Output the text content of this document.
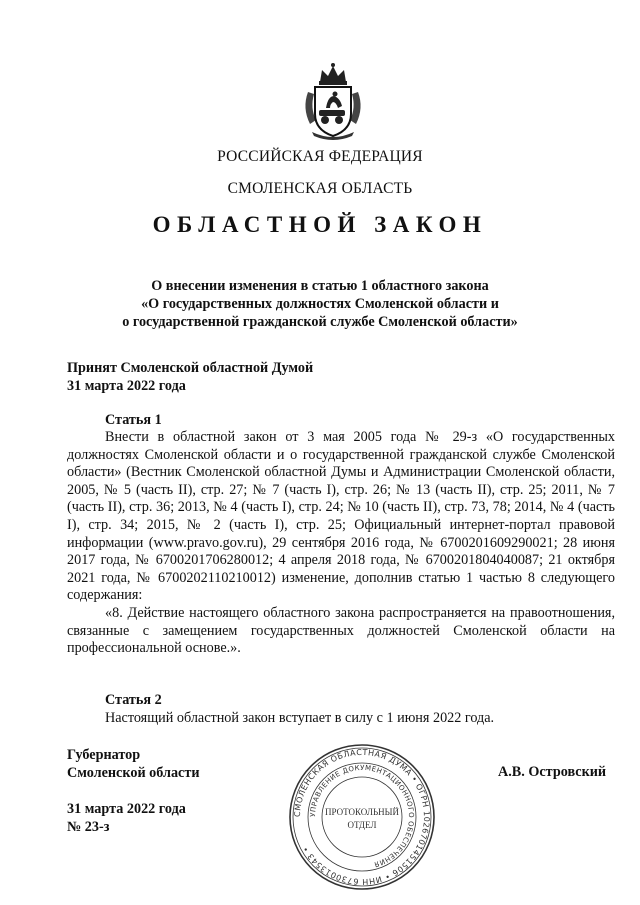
РОССИЙСКАЯ ФЕДЕРАЦИЯ
СМОЛЕНСКАЯ ОБЛАСТЬ
ОБЛАСТНОЙ ЗАКОН
О внесении изменения в статью 1 областного закона
«О государственных должностях Смоленской области и
о государственной гражданской службе Смоленской области»
Принят Смоленской областной Думой
31 марта 2022 года
Статья 1

Внести в областной закон от 3 мая 2005 года № 29-з «О государственных должностях Смоленской области и о государственной гражданской службе Смоленской области» (Вестник Смоленской областной Думы и Администрации Смоленской области, 2005, № 5 (часть II), стр. 27; № 7 (часть I), стр. 26; № 13 (часть II), стр. 25; 2011, № 7 (часть II), стр. 36; 2013, № 4 (часть I), стр. 24; № 10 (часть II), стр. 73, 78; 2014, № 4 (часть I), стр. 34; 2015, № 2 (часть I), стр. 25; Официальный интернет-портал правовой информации (www.pravo.gov.ru), 29 сентября 2016 года, № 6700201609290021; 28 июня 2017 года, № 6700201706280012; 4 апреля 2018 года, № 6700201804040087; 21 октября 2021 года, № 6700202110210012) изменение, дополнив статью 1 частью 8 следующего содержания:

«8. Действие настоящего областного закона распространяется на правоотношения, связанные с замещением государственных должностей Смоленской области на профессиональной основе.».

Статья 2
Настоящий областной закон вступает в силу с 1 июня 2022 года.
Губернатор
Смоленской области	А.В. Островский
31 марта 2022 года
№ 23-з
СМОЛЕНСКАЯ ОБЛАСТНАЯ ДУМА • ОГРН 1026701451506 • ИНН 6730013543 •
УПРАВЛЕНИЕ ДОКУМЕНТАЦИОННОГО ОБЕСПЕЧЕНИЯ
ПРОТОКОЛЬНЫЙ
ОТДЕЛ
